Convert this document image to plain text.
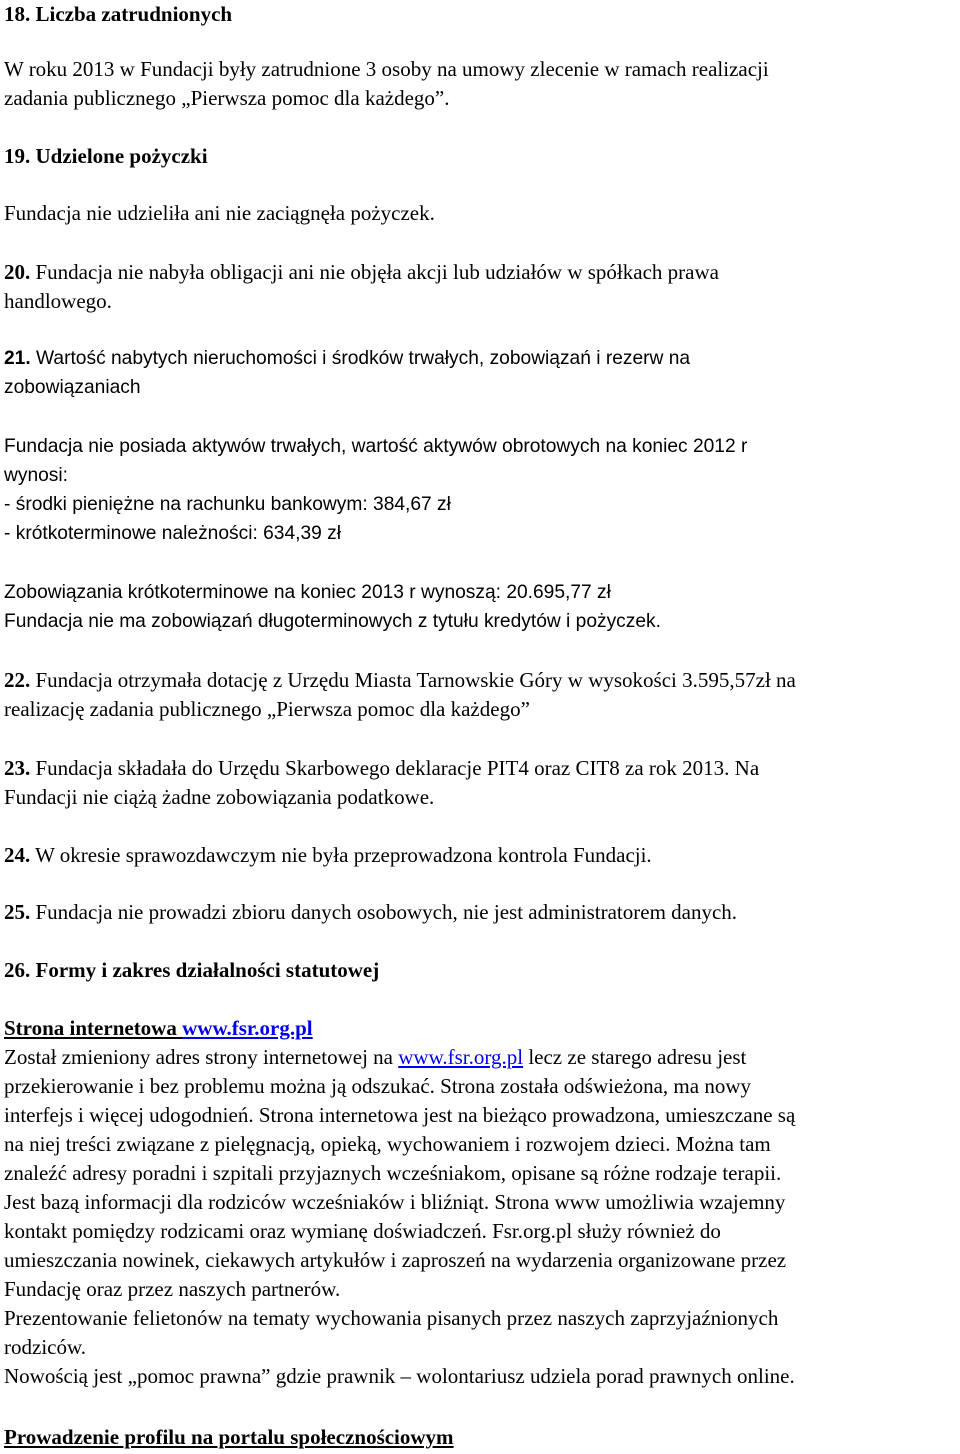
18. Liczba zatrudnionych
W roku 2013 w Fundacji były zatrudnione 3 osoby na umowy zlecenie w ramach realizacji
zadania publicznego „Pierwsza pomoc dla każdego”.
19. Udzielone pożyczki
Fundacja nie udzieliła ani nie zaciągnęła pożyczek.
20. Fundacja nie nabyła obligacji ani nie objęła akcji lub udziałów w spółkach prawa
handlowego.
21. Wartość nabytych nieruchomości i środków trwałych, zobowiązań i rezerw na
zobowiązaniach
Fundacja nie posiada aktywów trwałych, wartość aktywów obrotowych na koniec 2012 r
wynosi:
- środki pieniężne na rachunku bankowym: 384,67 zł
- krótkoterminowe należności: 634,39 zł
Zobowiązania krótkoterminowe na koniec 2013 r wynoszą: 20.695,77 zł
Fundacja nie ma zobowiązań długoterminowych z tytułu kredytów i pożyczek.
22. Fundacja otrzymała dotację z Urzędu Miasta Tarnowskie Góry w wysokości 3.595,57zł na
realizację zadania publicznego „Pierwsza pomoc dla każdego”
23. Fundacja składała do Urzędu Skarbowego deklaracje PIT4 oraz CIT8 za rok 2013. Na
Fundacji nie ciążą żadne zobowiązania podatkowe.
24. W okresie sprawozdawczym nie była przeprowadzona kontrola Fundacji.
25. Fundacja nie prowadzi zbioru danych osobowych, nie jest administratorem danych.
26. Formy i zakres działalności statutowej
Strona internetowa www.fsr.org.pl
Został zmieniony adres strony internetowej na www.fsr.org.pl lecz ze starego adresu jest
przekierowanie i bez problemu można ją odszukać. Strona została odświeżona, ma nowy
interfejs i więcej udogodnień. Strona internetowa jest na bieżąco prowadzona, umieszczane są
na niej treści związane z pielęgnacją, opieką, wychowaniem i rozwojem dzieci. Można tam
znaleźć adresy poradni i szpitali przyjaznych wcześniakom, opisane są różne rodzaje terapii.
Jest bazą informacji dla rodziców wcześniaków i bliźniąt. Strona www umożliwia wzajemny
kontakt pomiędzy rodzicami oraz wymianę doświadczeń. Fsr.org.pl służy również do
umieszczania nowinek, ciekawych artykułów i zaproszeń na wydarzenia organizowane przez
Fundację oraz przez naszych partnerów.
Prezentowanie felietonów na tematy wychowania pisanych przez naszych zaprzyjaźnionych
rodziców.
Nowością jest „pomoc prawna” gdzie prawnik – wolontariusz udziela porad prawnych online.
Prowadzenie profilu na portalu społecznościowym
